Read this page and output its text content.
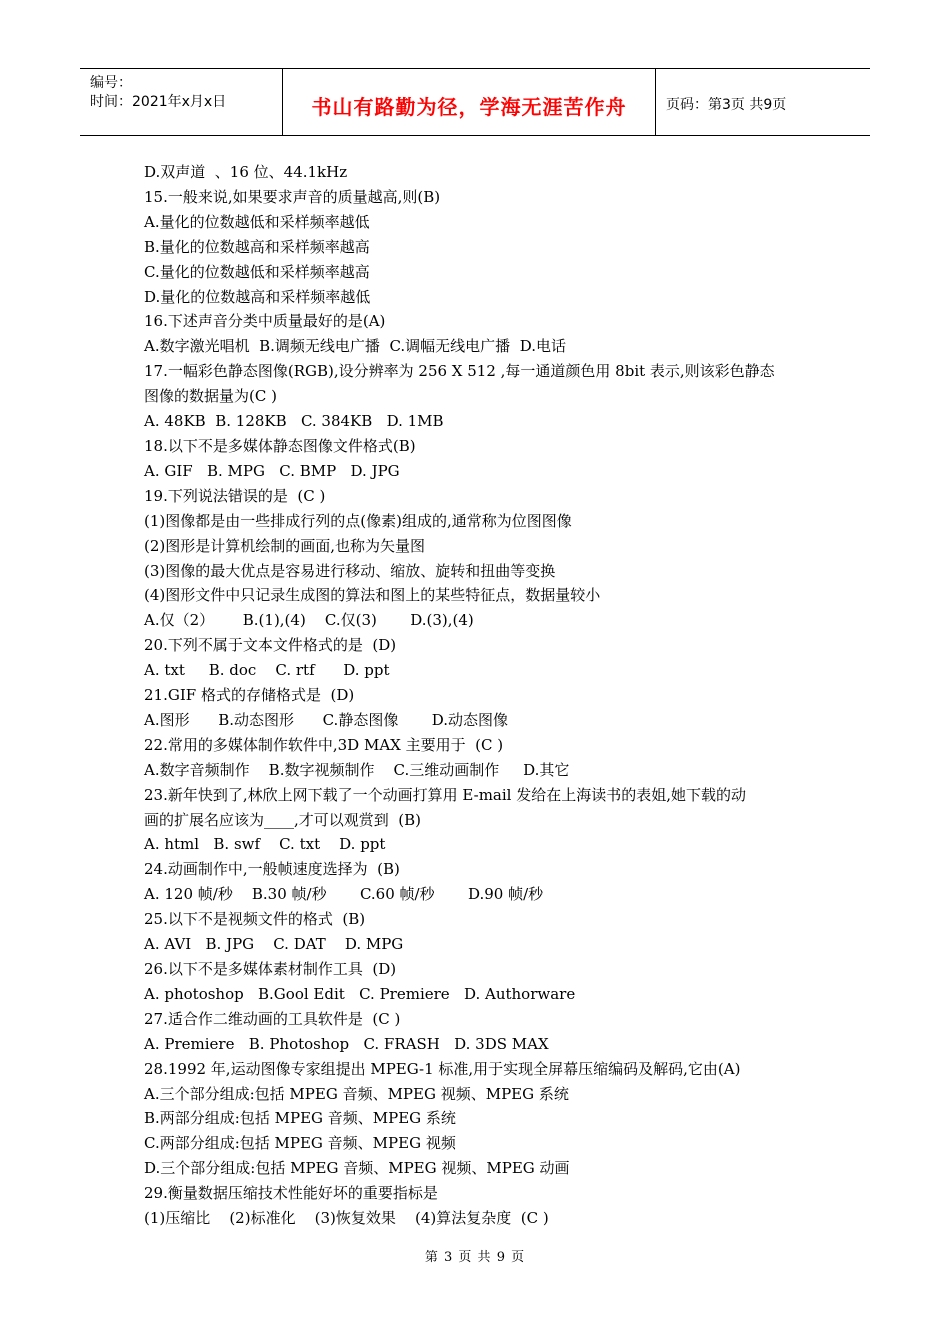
编号：
时间：2021年x月x日	书山有路勤为径，学海无涯苦作舟	页码：第3页 共9页
D.双声道  、16 位、44.1kHz
15.一般来说,如果要求声音的质量越高,则(B)
A.量化的位数越低和采样频率越低
B.量化的位数越高和采样频率越高
C.量化的位数越低和采样频率越高
D.量化的位数越高和采样频率越低
16.下述声音分类中质量最好的是(A)
A.数字激光唱机  B.调频无线电广播  C.调幅无线电广播  D.电话
17.一幅彩色静态图像(RGB),设分辨率为 256 X 512 ,每一通道颜色用 8bit 表示,则该彩色静态
图像的数据量为(C )
A. 48KB  B. 128KB   C. 384KB   D. 1MB
18.以下不是多媒体静态图像文件格式(B)
A. GIF   B. MPG   C. BMP   D. JPG
19.下列说法错误的是  (C )
(1)图像都是由一些排成行列的点(像素)组成的,通常称为位图图像
(2)图形是计算机绘制的画面,也称为矢量图
(3)图像的最大优点是容易进行移动、缩放、旋转和扭曲等变换
(4)图形文件中只记录生成图的算法和图上的某些特征点，数据量较小
A.仅（2）      B.(1),(4)    C.仅(3)       D.(3),(4)
20.下列不属于文本文件格式的是  (D)
A. txt     B. doc    C. rtf      D. ppt
21.GIF 格式的存储格式是  (D)
A.图形      B.动态图形      C.静态图像       D.动态图像
22.常用的多媒体制作软件中,3D MAX 主要用于  (C )
A.数字音频制作    B.数字视频制作    C.三维动画制作     D.其它
23.新年快到了,林欣上网下载了一个动画打算用 E-mail 发给在上海读书的表姐,她下载的动
画的扩展名应该为____,才可以观赏到  (B)
A. html   B. swf    C. txt    D. ppt
24.动画制作中,一般帧速度选择为  (B)
A. 120 帧/秒    B.30 帧/秒       C.60 帧/秒       D.90 帧/秒
25.以下不是视频文件的格式  (B)
A. AVI   B. JPG    C. DAT    D. MPG
26.以下不是多媒体素材制作工具  (D)
A. photoshop   B.Gool Edit   C. Premiere   D. Authorware
27.适合作二维动画的工具软件是  (C )
A. Premiere   B. Photoshop   C. FRASH   D. 3DS MAX
28.1992 年,运动图像专家组提出 MPEG-1 标准,用于实现全屏幕压缩编码及解码,它由(A)
A.三个部分组成:包括 MPEG 音频、MPEG 视频、MPEG 系统
B.两部分组成:包括 MPEG 音频、MPEG 系统
C.两部分组成:包括 MPEG 音频、MPEG 视频
D.三个部分组成:包括 MPEG 音频、MPEG 视频、MPEG 动画
29.衡量数据压缩技术性能好坏的重要指标是
(1)压缩比    (2)标准化    (3)恢复效果    (4)算法复杂度  (C )
第 3 页 共 9 页
